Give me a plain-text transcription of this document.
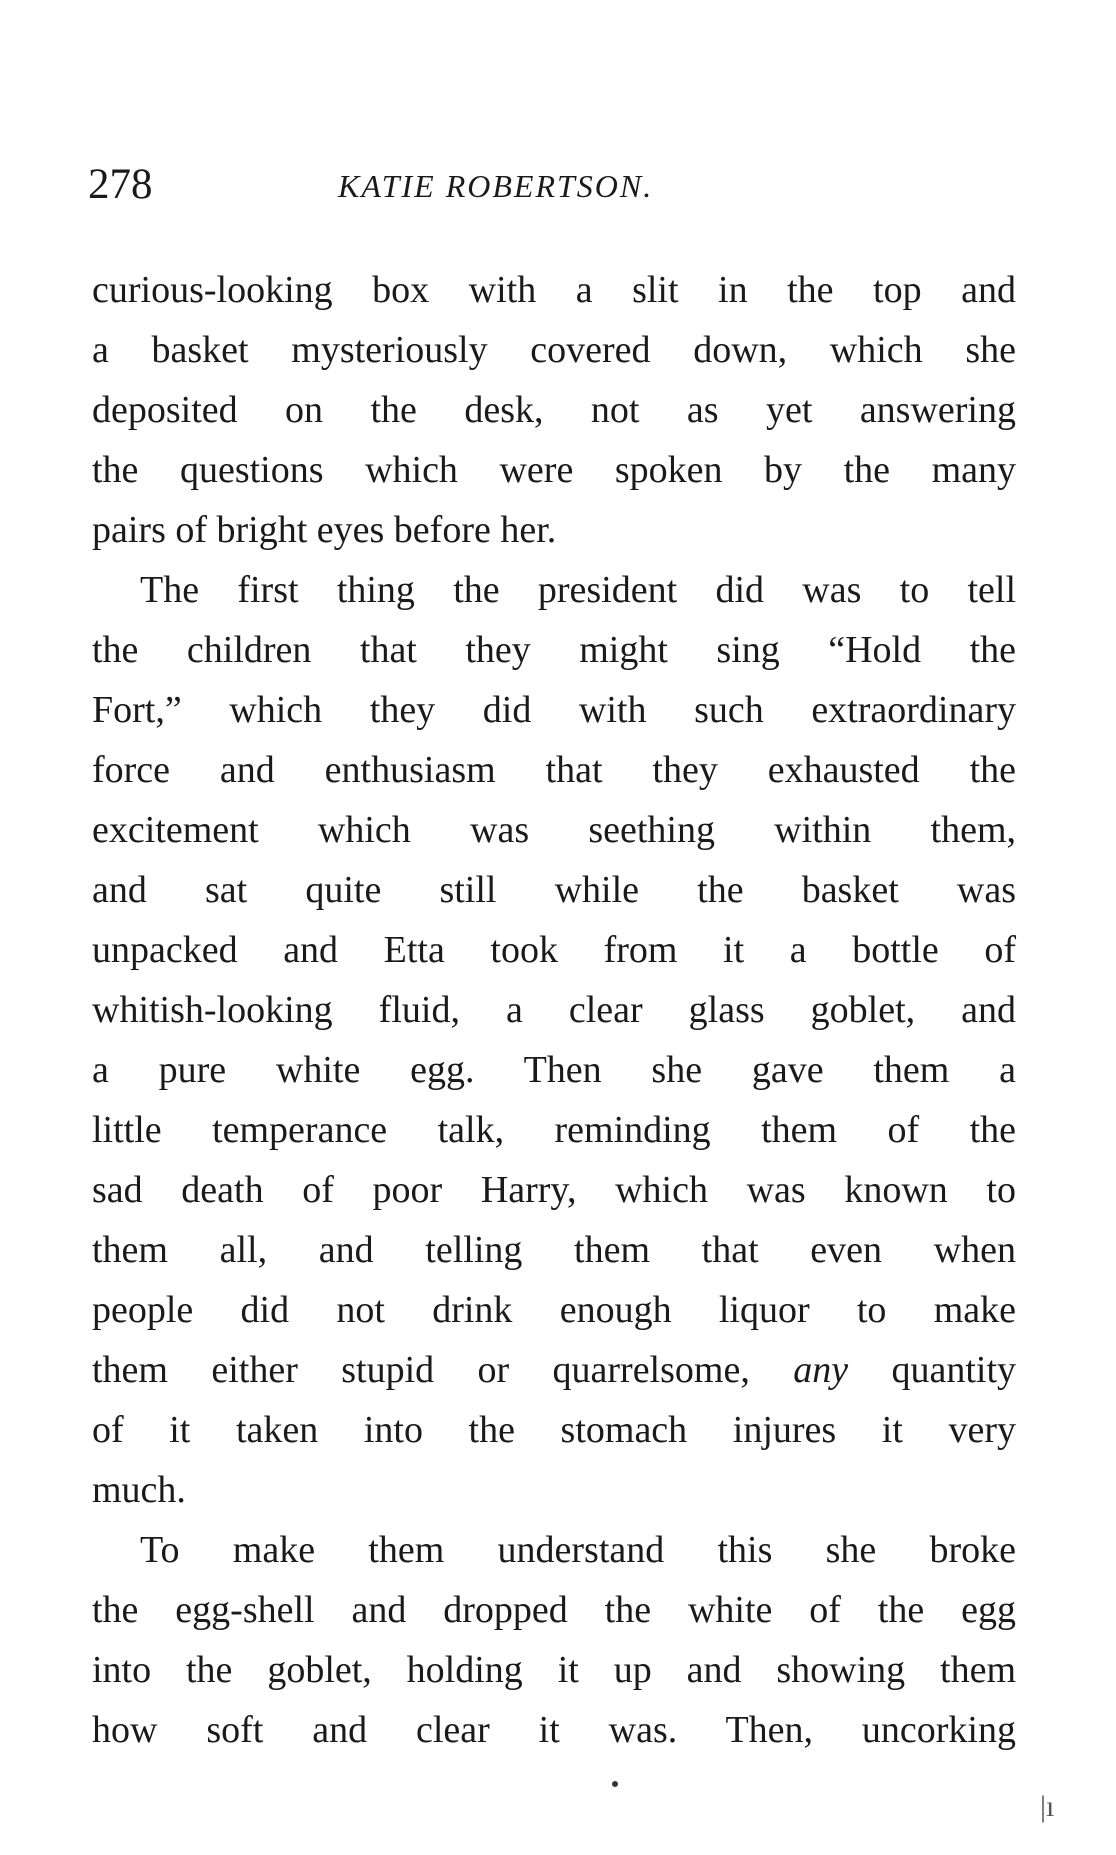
278	KATIE ROBERTSON.
curious-looking box with a slit in the top and
a basket mysteriously covered down, which she
deposited on the desk, not as yet answering
the questions which were spoken by the many
pairs of bright eyes before her.
The first thing the president did was to tell
the children that they might sing “Hold the
Fort,” which they did with such extraordinary
force and enthusiasm that they exhausted the
excitement which was seething within them,
and sat quite still while the basket was
unpacked and Etta took from it a bottle of
whitish-looking fluid, a clear glass goblet, and
a pure white egg. Then she gave them a
little temperance talk, reminding them of the
sad death of poor Harry, which was known to
them all, and telling them that even when
people did not drink enough liquor to make
them either stupid or quarrelsome, any quantity
of it taken into the stomach injures it very
much.
To make them understand this she broke
the egg-shell and dropped the white of the egg
into the goblet, holding it up and showing them
how soft and clear it was. Then, uncorking
|ı
